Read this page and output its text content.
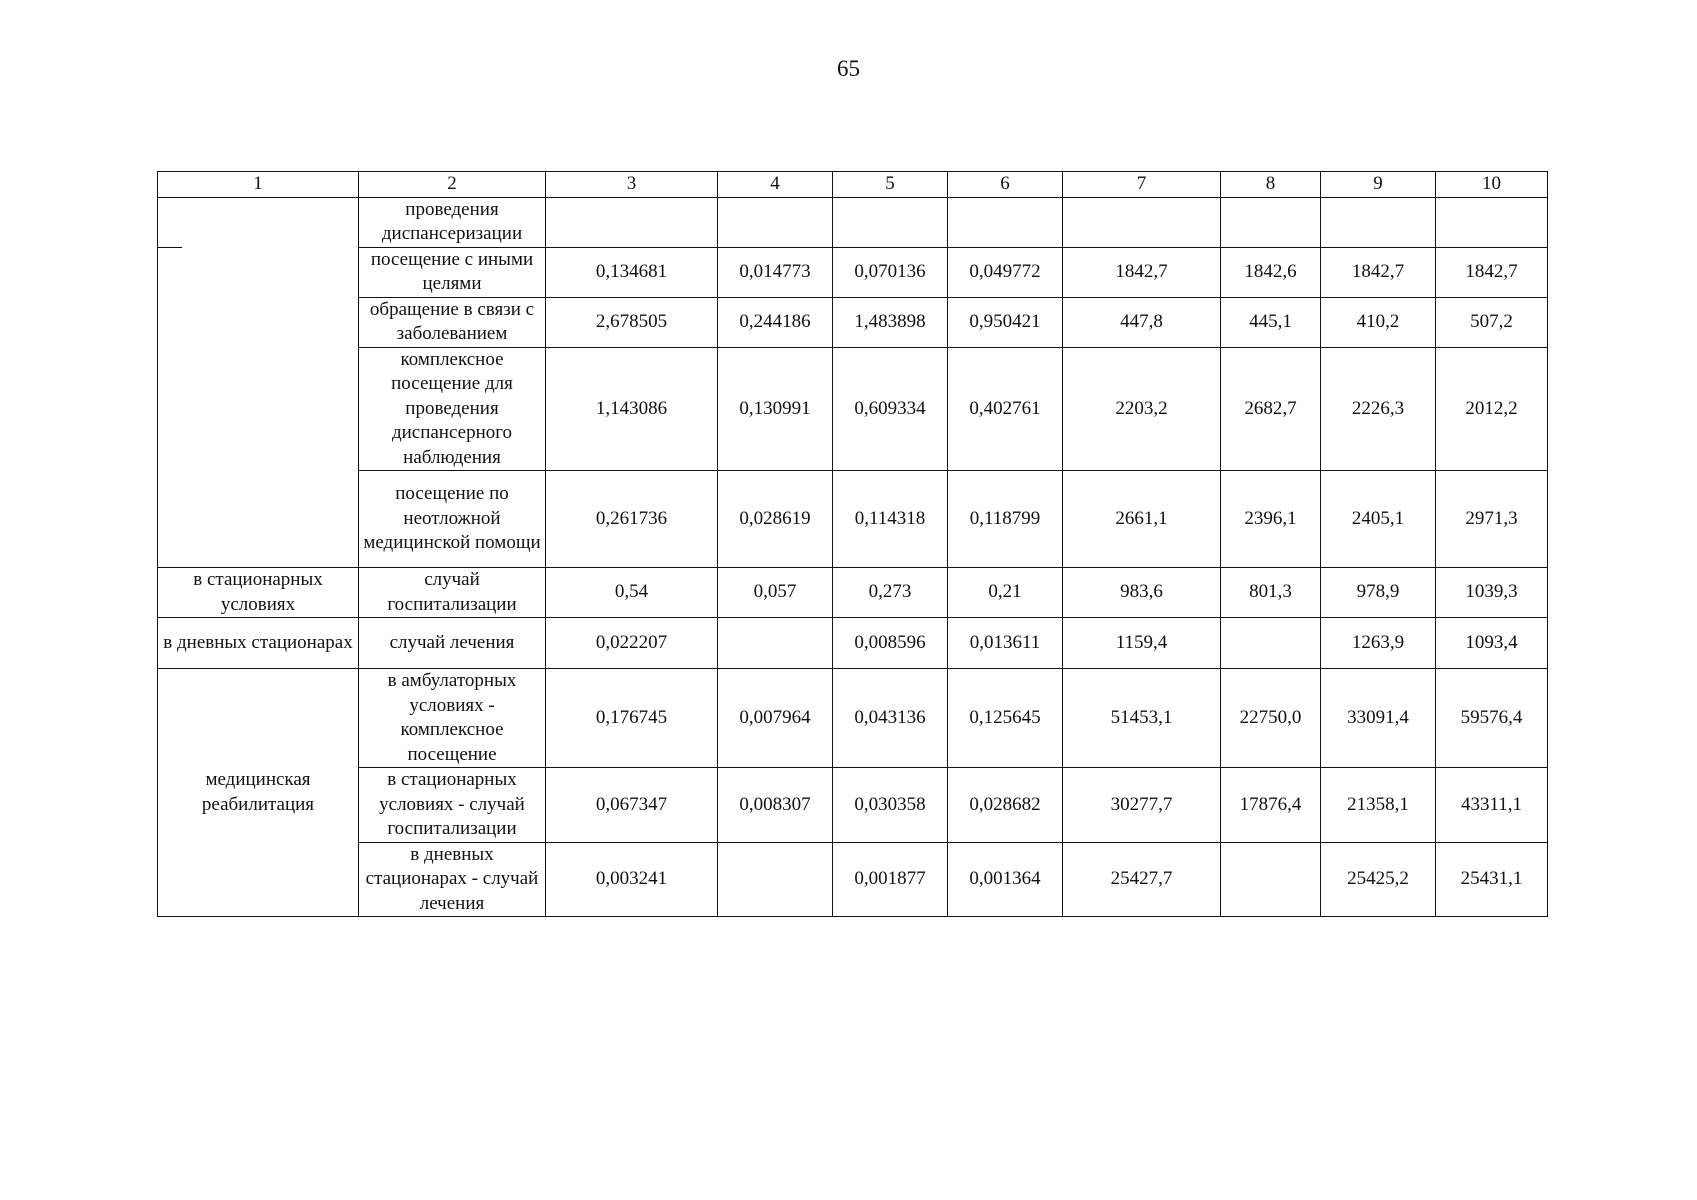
65
1	2	3	4	5	6	7	8	9	10
	проведения диспансеризации								
	посещение с иными целями	0,134681	0,014773	0,070136	0,049772	1842,7	1842,6	1842,7	1842,7
	обращение в связи с заболеванием	2,678505	0,244186	1,483898	0,950421	447,8	445,1	410,2	507,2
	комплексное посещение для проведения диспансерного наблюдения	1,143086	0,130991	0,609334	0,402761	2203,2	2682,7	2226,3	2012,2
	посещение по неотложной медицинской помощи	0,261736	0,028619	0,114318	0,118799	2661,1	2396,1	2405,1	2971,3
в стационарных условиях	случай госпитализации	0,54	0,057	0,273	0,21	983,6	801,3	978,9	1039,3
в дневных стационарах	случай лечения	0,022207		0,008596	0,013611	1159,4		1263,9	1093,4
медицинская реабилитация	в амбулаторных условиях - комплексное посещение	0,176745	0,007964	0,043136	0,125645	51453,1	22750,0	33091,4	59576,4
	в стационарных условиях - случай госпитализации	0,067347	0,008307	0,030358	0,028682	30277,7	17876,4	21358,1	43311,1
	в дневных стационарах - случай лечения	0,003241		0,001877	0,001364	25427,7		25425,2	25431,1
